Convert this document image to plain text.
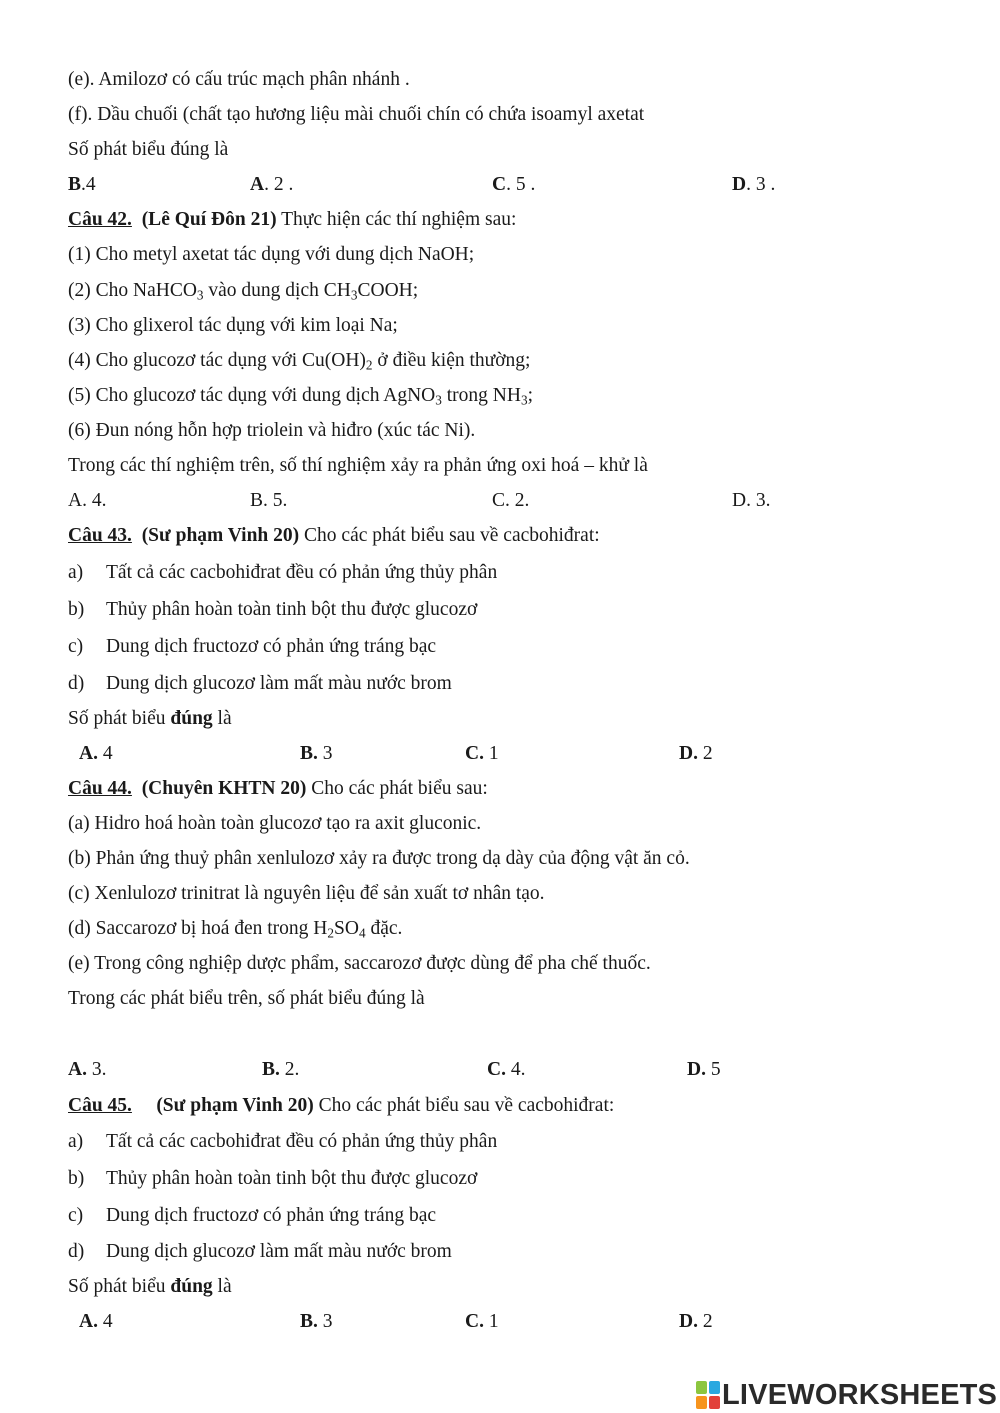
(e). Amilozơ có cấu trúc mạch phân nhánh .
(f). Dầu chuối (chất tạo hương liệu mài chuối chín có chứa isoamyl axetat
Số phát biểu đúng là
B.4	A. 2 .	C. 5 .	D. 3 .
Câu 42. (Lê Quí Đôn 21) Thực hiện các thí nghiệm sau:
(1) Cho metyl axetat tác dụng với dung dịch NaOH;
(2) Cho NaHCO$_3$ vào dung dịch $CH_3COOH$;
(3) Cho glixerol tác dụng với kim loại Na;
(4) Cho glucozơ tác dụng với $Cu(OH)_2$ ở điều kiện thường;
(5) Cho glucozơ tác dụng với dung dịch AgNO$_3$ trong $NH_3$;
(6) Đun nóng hỗn hợp triolein và hiđro (xúc tác Ni).
Trong các thí nghiệm trên, số thí nghiệm xảy ra phản ứng oxi hoá – khử là
A. 4.	B. 5.	C. 2.	D. 3.
Câu 43. (Sư phạm Vinh 20) Cho các phát biểu sau về cacbohiđrat:
a) Tất cả các cacbohiđrat đều có phản ứng thủy phân
b) Thủy phân hoàn toàn tinh bột thu được glucozơ
c) Dung dịch fructozơ có phản ứng tráng bạc
d) Dung dịch glucozơ làm mất màu nước brom
Số phát biểu đúng là
A. 4	B. 3	C. 1	D. 2
Câu 44. (Chuyên KHTN 20) Cho các phát biểu sau:
(a) Hidro hoá hoàn toàn glucozơ tạo ra axit gluconic.
(b) Phản ứng thuỷ phân xenlulozơ xảy ra được trong dạ dày của động vật ăn cỏ.
(c) Xenlulozơ trinitrat là nguyên liệu để sản xuất tơ nhân tạo.
(d) Saccarozơ bị hoá đen trong $H_2SO_4$ đặc.
(e) Trong công nghiệp dược phẩm, saccarozơ được dùng để pha chế thuốc.
Trong các phát biểu trên, số phát biểu đúng là
A. 3.	B. 2.	C. 4.	D. 5
Câu 45. (Sư phạm Vinh 20) Cho các phát biểu sau về cacbohiđrat:
a) Tất cả các cacbohiđrat đều có phản ứng thủy phân
b) Thủy phân hoàn toàn tinh bột thu được glucozơ
c) Dung dịch fructozơ có phản ứng tráng bạc
d) Dung dịch glucozơ làm mất màu nước brom
Số phát biểu đúng là
A. 4	B. 3	C. 1	D. 2
LIVEWORKSHEETS
